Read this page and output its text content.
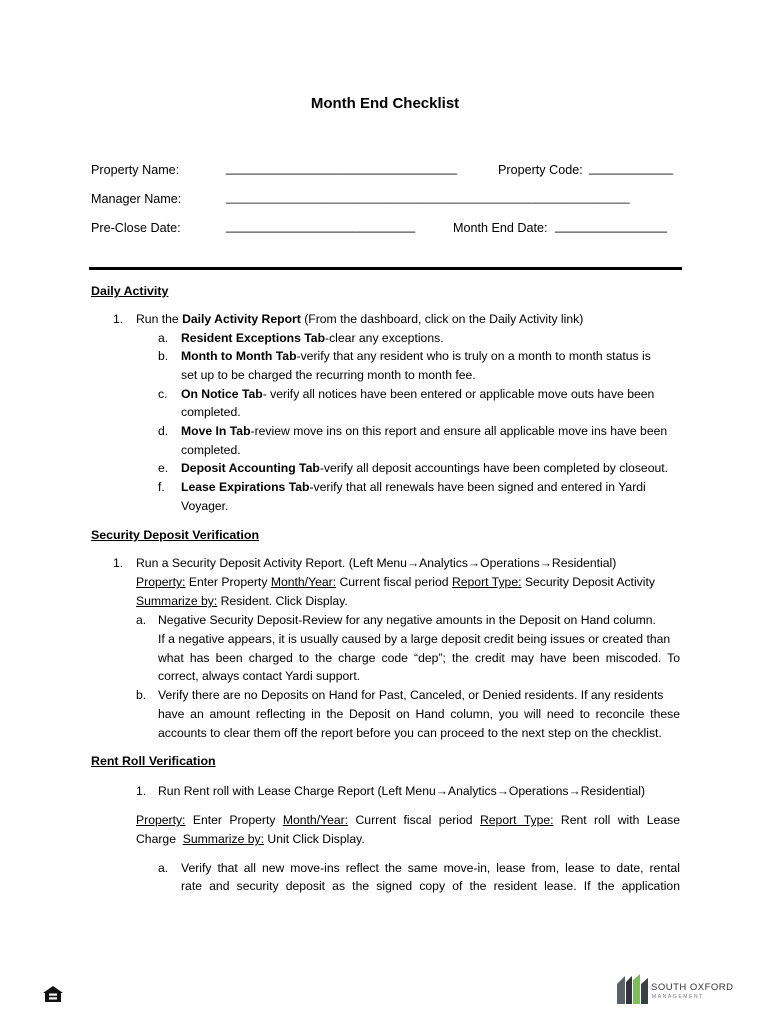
Month End Checklist
Property Name:	_________________________________	Property Code: ____________
Manager Name:	____________________________________________________________
Pre-Close Date:	___________________________	Month End Date: ________________
Daily Activity
1. Run the Daily Activity Report (From the dashboard, click on the Daily Activity link)
a. Resident Exceptions Tab-clear any exceptions.
b. Month to Month Tab-verify that any resident who is truly on a month to month status is
set up to be charged the recurring month to month fee.
c. On Notice Tab- verify all notices have been entered or applicable move outs have been
completed.
d. Move In Tab-review move ins on this report and ensure all applicable move ins have been
completed.
e. Deposit Accounting Tab-verify all deposit accountings have been completed by closeout.
f. Lease Expirations Tab-verify that all renewals have been signed and entered in Yardi
Voyager.
Security Deposit Verification
1. Run a Security Deposit Activity Report. (Left Menu→Analytics→Operations→Residential)
Property: Enter Property Month/Year: Current fiscal period Report Type: Security Deposit Activity
Summarize by: Resident. Click Display.
a. Negative Security Deposit-Review for any negative amounts in the Deposit on Hand column.
If a negative appears, it is usually caused by a large deposit credit being issues or created than
what has been charged to the charge code “dep”; the credit may have been miscoded. To
correct, always contact Yardi support.
b. Verify there are no Deposits on Hand for Past, Canceled, or Denied residents. If any residents
have an amount reflecting in the Deposit on Hand column, you will need to reconcile these
accounts to clear them off the report before you can proceed to the next step on the checklist.
Rent Roll Verification
1. Run Rent roll with Lease Charge Report (Left Menu→Analytics→Operations→Residential)
Property: Enter Property Month/Year: Current fiscal period Report Type: Rent roll with Lease
Charge  Summarize by: Unit Click Display.
a. Verify that all new move-ins reflect the same move-in, lease from, lease to date, rental
rate and security deposit as the signed copy of the resident lease. If the application
SOUTH OXFORD
MANAGEMENT
